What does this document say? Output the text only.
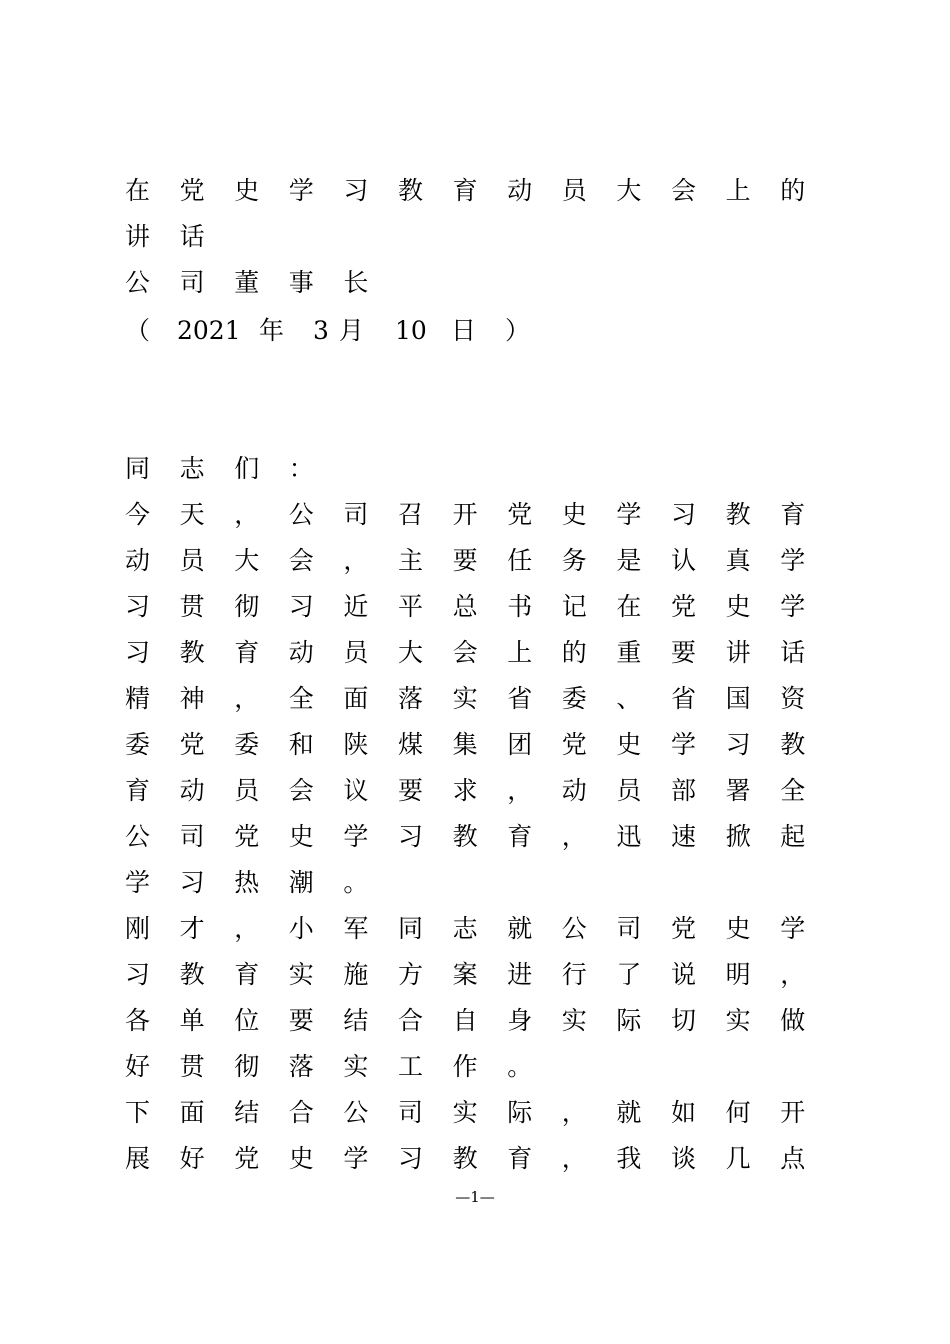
在党史学习教育动员大会上的
讲话
公司董事长
（ 2021 年 3 月 10 日 ）
同志们：
今天，公司召开党史学习教育
动员大会，主要任务是认真学
习贯彻习近平总书记在党史学
习教育动员大会上的重要讲话
精神，全面落实省委、省国资
委党委和陕煤集团党史学习教
育动员会议要求，动员部署全
公司党史学习教育，迅速掀起
学习热潮。
刚才，小军同志就公司党史学
习教育实施方案进行了说明，
各单位要结合自身实际切实做
好贯彻落实工作。
下面结合公司实际，就如何开
展好党史学习教育，我谈几点
—1—
